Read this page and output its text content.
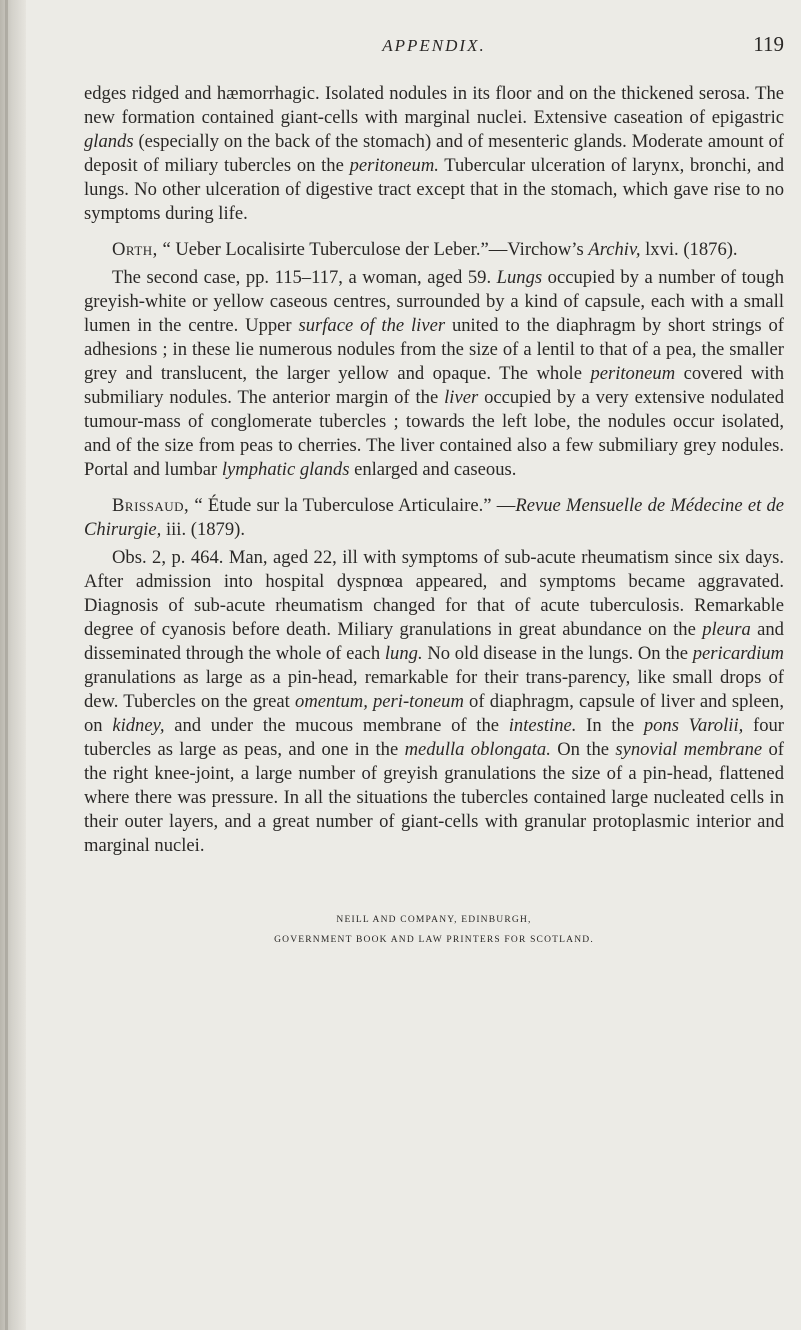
APPENDIX.	119

edges ridged and hæmorrhagic. Isolated nodules in its floor and on the thickened serosa. The new formation contained giant-cells with marginal nuclei. Extensive caseation of epigastric glands (especially on the back of the stomach) and of mesenteric glands. Moderate amount of deposit of miliary tubercles on the peritoneum. Tubercular ulceration of larynx, bronchi, and lungs. No other ulceration of digestive tract except that in the stomach, which gave rise to no symptoms during life.

Orth, “ Ueber Localisirte Tuberculose der Leber.”—Virchow’s Archiv, lxvi. (1876).

The second case, pp. 115–117, a woman, aged 59. Lungs occupied by a number of tough greyish-white or yellow caseous centres, surrounded by a kind of capsule, each with a small lumen in the centre. Upper surface of the liver united to the diaphragm by short strings of adhesions ; in these lie numerous nodules from the size of a lentil to that of a pea, the smaller grey and translucent, the larger yellow and opaque. The whole peritoneum covered with submiliary nodules. The anterior margin of the liver occupied by a very extensive nodulated tumour-mass of conglomerate tubercles ; towards the left lobe, the nodules occur isolated, and of the size from peas to cherries. The liver contained also a few submiliary grey nodules. Portal and lumbar lymphatic glands enlarged and caseous.

Brissaud, “ Étude sur la Tuberculose Articulaire.” —Revue Mensuelle de Médecine et de Chirurgie, iii. (1879).

Obs. 2, p. 464. Man, aged 22, ill with symptoms of sub-acute rheumatism since six days. After admission into hospital dyspnœa appeared, and symptoms became aggravated. Diagnosis of sub-acute rheumatism changed for that of acute tuberculosis. Remarkable degree of cyanosis before death. Miliary granulations in great abundance on the pleura and disseminated through the whole of each lung. No old disease in the lungs. On the pericardium granulations as large as a pin-head, remarkable for their trans-parency, like small drops of dew. Tubercles on the great omentum, peri-toneum of diaphragm, capsule of liver and spleen, on kidney, and under the mucous membrane of the intestine. In the pons Varolii, four tubercles as large as peas, and one in the medulla oblongata. On the synovial membrane of the right knee-joint, a large number of greyish granulations the size of a pin-head, flattened where there was pressure. In all the situations the tubercles contained large nucleated cells in their outer layers, and a great number of giant-cells with granular protoplasmic interior and marginal nuclei.

NEILL AND COMPANY, EDINBURGH,
GOVERNMENT BOOK AND LAW PRINTERS FOR SCOTLAND.
